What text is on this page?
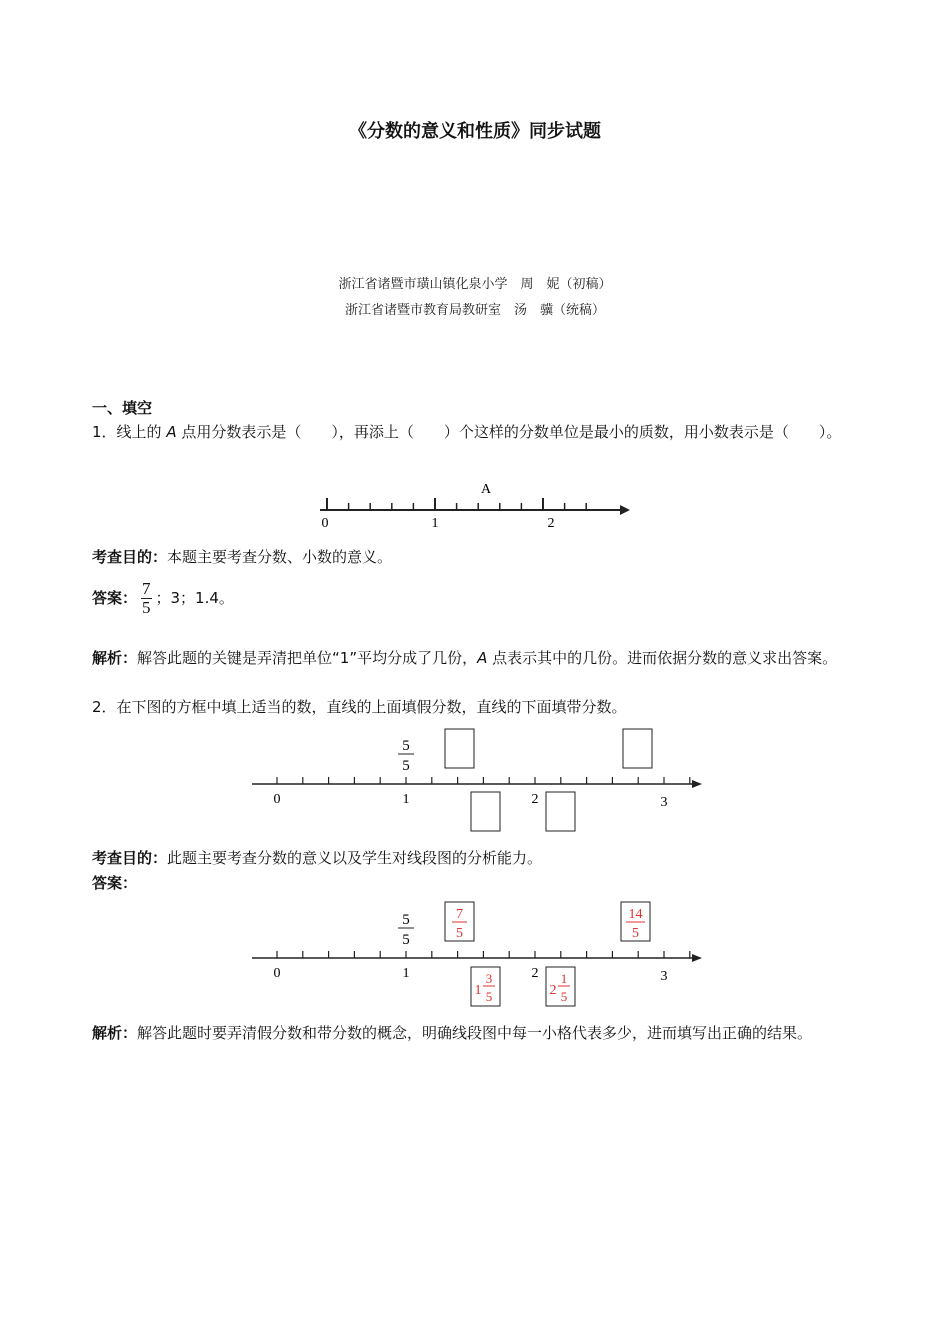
《分数的意义和性质》同步试题
浙江省诸暨市璜山镇化泉小学　周　妮（初稿）
浙江省诸暨市教育局教研室　汤　骥（统稿）
一、填空
1．线上的 A 点用分数表示是（　　），再添上（　　）个这样的分数单位是最小的质数，用小数表示是（　　）。
A
0	1	2
考查目的：本题主要考查分数、小数的意义。
答案： $\frac{7}{5}$ ；3；1.4。
解析：解答此题的关键是弄清把单位“1”平均分成了几份，A 点表示其中的几份。进而依据分数的意义求出答案。
2．在下图的方框中填上适当的数，直线的上面填假分数，直线的下面填带分数。
5
5
0	1	2	3
考查目的：此题主要考查分数的意义以及学生对线段图的分析能力。
答案：
5
5
7
5
14
5
1
3
5	2
1
5
0	1	2	3
解析：解答此题时要弄清假分数和带分数的概念，明确线段图中每一小格代表多少，进而填写出正确的结果。
